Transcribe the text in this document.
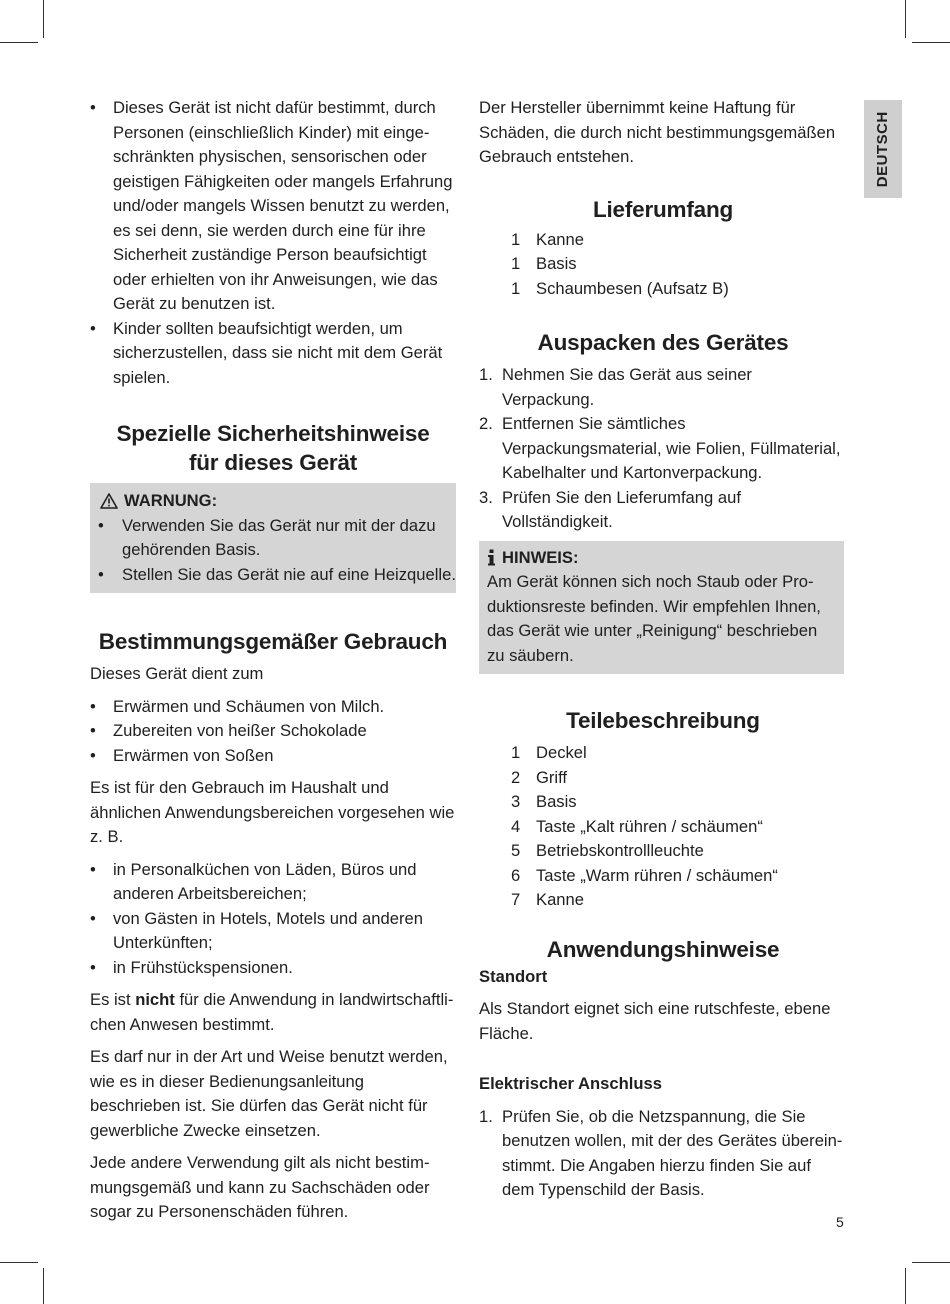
DEUTSCH
• Dieses Gerät ist nicht dafür bestimmt, durch Personen (einschließlich Kinder) mit eingeschränkten physischen, sensorischen oder geistigen Fähigkeiten oder mangels Erfahrung und/oder mangels Wissen benutzt zu werden, es sei denn, sie werden durch eine für ihre Sicherheit zuständige Person beaufsichtigt oder erhielten von ihr Anweisungen, wie das Gerät zu benutzen ist.
• Kinder sollten beaufsichtigt werden, um sicherzustellen, dass sie nicht mit dem Gerät spielen.
Spezielle Sicherheitshinweise
für dieses Gerät
WARNUNG:
• Verwenden Sie das Gerät nur mit der dazu gehörenden Basis.
• Stellen Sie das Gerät nie auf eine Heizquelle.
Bestimmungsgemäßer Gebrauch

Dieses Gerät dient zum

• Erwärmen und Schäumen von Milch.
• Zubereiten von heißer Schokolade
• Erwärmen von Soßen

Es ist für den Gebrauch im Haushalt und ähnlichen Anwendungsbereichen vorgesehen wie z. B.

• in Personalküchen von Läden, Büros und anderen Arbeitsbereichen;
• von Gästen in Hotels, Motels und anderen Unterkünften;
• in Frühstückspensionen.

Es ist nicht für die Anwendung in landwirtschaftlichen Anwesen bestimmt.

Es darf nur in der Art und Weise benutzt werden, wie es in dieser Bedienungsanleitung beschrieben ist. Sie dürfen das Gerät nicht für gewerbliche Zwecke einsetzen.

Jede andere Verwendung gilt als nicht bestimmungsgemäß und kann zu Sachschäden oder sogar zu Personenschäden führen.

Der Hersteller übernimmt keine Haftung für Schäden, die durch nicht bestimmungsgemäßen Gebrauch entstehen.

Lieferumfang
1 Kanne
1 Basis
1 Schaumbesen (Aufsatz B)
Auspacken des Gerätes
1. Nehmen Sie das Gerät aus seiner Verpackung.
2. Entfernen Sie sämtliches Verpackungsmaterial, wie Folien, Füllmaterial, Kabelhalter und Kartonverpackung.
3. Prüfen Sie den Lieferumfang auf Vollständigkeit.
HINWEIS:

Am Gerät können sich noch Staub oder Produktionsreste befinden. Wir empfehlen Ihnen, das Gerät wie unter „Reinigung“ beschrieben zu säubern.

Teilebeschreibung
1 Deckel
2 Griff
3 Basis
4 Taste „Kalt rühren / schäumen“
5 Betriebskontrollleuchte
6 Taste „Warm rühren / schäumen“
7 Kanne
Anwendungshinweise
Standort

Als Standort eignet sich eine rutschfeste, ebene Fläche.

Elektrischer Anschluss
1. Prüfen Sie, ob die Netzspannung, die Sie benutzen wollen, mit der des Gerätes übereinstimmt. Die Angaben hierzu finden Sie auf dem Typenschild der Basis.
5
